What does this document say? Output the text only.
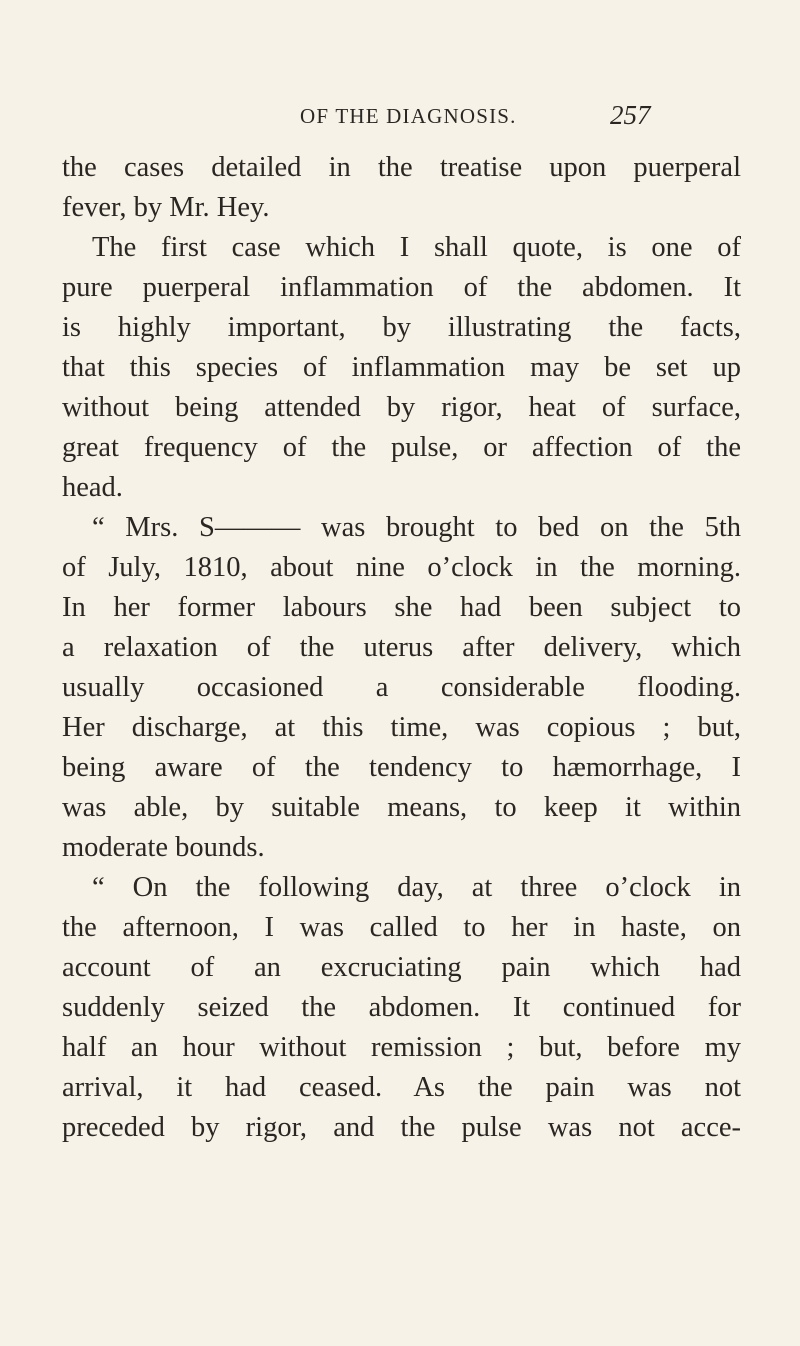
OF THE DIAGNOSIS.	257
the cases detailed in the treatise upon puerperal
fever, by Mr. Hey.
The first case which I shall quote, is one of
pure puerperal inflammation of the abdomen. It
is highly important, by illustrating the facts,
that this species of inflammation may be set up
without being attended by rigor, heat of surface,
great frequency of the pulse, or affection of the
head.
“ Mrs. S——— was brought to bed on the 5th
of July, 1810, about nine o’clock in the morning.
In her former labours she had been subject to
a relaxation of the uterus after delivery, which
usually occasioned a considerable flooding.
Her discharge, at this time, was copious ; but,
being aware of the tendency to hæmorrhage, I
was able, by suitable means, to keep it within
moderate bounds.
“ On the following day, at three o’clock in
the afternoon, I was called to her in haste, on
account of an excruciating pain which had
suddenly seized the abdomen. It continued for
half an hour without remission ; but, before my
arrival, it had ceased. As the pain was not
preceded by rigor, and the pulse was not acce-
